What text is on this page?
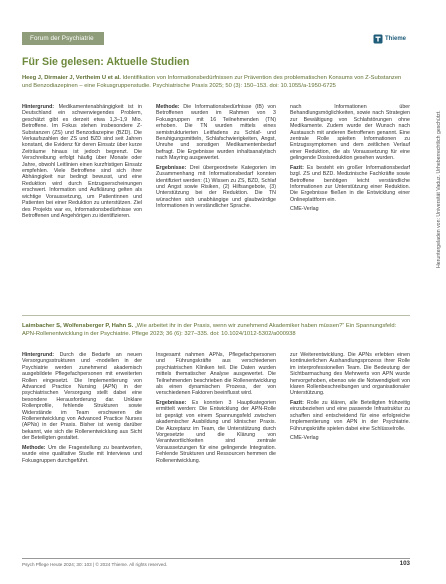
Forum der Psychiatrie	Thieme
Für Sie gelesen: Aktuelle Studien

Heeg J, Dirmaier J, Vertheim U et al. Identifikation von Informationsbedürfnissen zur Prävention des problematischen Konsums von Z-Substanzen und Benzodiazepinen – eine Fokusgruppenstudie. Psychiatrische Praxis 2025; 50 (3): 150–153. doi: 10.1055/a-1950-6725

Hintergrund: Medikamentenabhängigkeit ist in Deutschland ein schwerwiegendes Problem, geschätzt gibt es derzeit etwa 1,3–1,9 Mio. Betroffene. Im Fokus stehen insbesondere Z-Substanzen (ZS) und Benzodiazepine (BZD). Die Verkaufszahlen der ZS und BZD sind seit Jahren konstant, die Evidenz für deren Einsatz über kurze Zeiträume hinaus ist jedoch begrenzt. Die Verschreibung erfolgt häufig über Monate oder Jahre, obwohl Leitlinien einen kurzfristigen Einsatz empfehlen. Viele Betroffene sind sich ihrer Abhängigkeit nur bedingt bewusst, und eine Reduktion wird durch Entzugserscheinungen erschwert. Information und Aufklärung gelten als wichtige Voraussetzung, um Patientinnen und Patienten bei einer Reduktion zu unterstützen. Ziel des Projekts war es, Informationsbedürfnisse von Betroffenen und Angehörigen zu identifizieren.

Methode: Die Informationsbedürfnisse (IB) von Betroffenen wurden im Rahmen von 3 Fokusgruppen mit 16 Teilnehmenden (TN) erhoben. Die TN wurden mittels eines semistrukturierten Leitfadens zu Schlaf- und Beruhigungsmitteln, Schlafschwierigkeiten, Angst, Unruhe und sonstigen Medikamentenbedarf befragt. Die Ergebnisse wurden inhaltsanalytisch nach Mayring ausgewertet.

Ergebnisse: Drei übergeordnete Kategorien im Zusammenhang mit Informationsbedarf konnten identifiziert werden: (1) Wissen zu ZS, BZD, Schlaf und Angst sowie Risiken, (2) Hilfsangebote, (3) Unterstützung bei der Reduktion. Die TN wünschten sich unabhängige und glaubwürdige Informationen in verständlicher Sprache.

nach Informationen über Behandlungsmöglichkeiten, sowie nach Strategien zur Bewältigung von Schlafstörungen ohne Medikamente. Zudem wurde der Wunsch nach Austausch mit anderen Betroffenen genannt. Eine zentrale Rolle spielten Informationen zu Entzugssymptomen und dem zeitlichen Verlauf einer Reduktion, die als Voraussetzung für eine gelingende Dosisreduktion gesehen wurden.

Fazit: Es besteht ein großer Informationsbedarf bzgl. ZS und BZD. Medizinische Fachkräfte sowie Betroffene benötigen leicht verständliche Informationen zur Unterstützung einer Reduktion. Die Ergebnisse fließen in die Entwicklung einer Onlineplattform ein.

CME-Verlag

Laimbacher S, Wolfensberger P, Hahn S. „Wie arbeitet ihr in der Praxis, wenn wir zunehmend Akademiker haben müssen?“ Ein Spannungsfeld: APN-Rollenentwicklung in der Psychiatrie. Pflege 2023; 36 (6): 327–335. doi: 10.1024/1012-5302/a000938

Hintergrund: Durch die Bedarfe an neuen Versorgungsstrukturen und -modellen in der Psychiatrie werden zunehmend akademisch ausgebildete Pflegefachpersonen mit erweiterten Rollen eingesetzt. Die Implementierung von Advanced Practice Nursing (APN) in der psychiatrischen Versorgung stellt dabei eine besondere Herausforderung dar. Unklare Rollenprofile, fehlende Strukturen sowie Widerstände im Team erschweren die Rollenentwicklung von Advanced Practice Nurses (APNs) in der Praxis. Bisher ist wenig darüber bekannt, wie sich die Rollenentwicklung aus Sicht der Beteiligten gestaltet.

Methode: Um die Fragestellung zu beantworten, wurde eine qualitative Studie mit Interviews und Fokusgruppen durchgeführt.

Insgesamt nahmen APNs, Pflegefachpersonen und Führungskräfte aus verschiedenen psychiatrischen Kliniken teil. Die Daten wurden mittels thematischer Analyse ausgewertet. Die Teilnehmenden beschrieben die Rollenentwicklung als einen dynamischen Prozess, der von verschiedenen Faktoren beeinflusst wird.

Ergebnisse: Es konnten 3 Hauptkategorien ermittelt werden: Die Entwicklung der APN-Rolle ist geprägt von einem Spannungsfeld zwischen akademischer Ausbildung und klinischer Praxis. Die Akzeptanz im Team, die Unterstützung durch Vorgesetzte und die Klärung von Verantwortlichkeiten sind zentrale Voraussetzungen für eine gelingende Integration. Fehlende Strukturen und Ressourcen hemmen die Rollenentwicklung.

zur Weiterentwicklung. Die APNs erlebten einen kontinuierlichen Aushandlungsprozess ihrer Rolle im interprofessionellen Team. Die Bedeutung der Sichtbarmachung des Mehrwerts von APN wurde hervorgehoben, ebenso wie die Notwendigkeit von klaren Rollenbeschreibungen und organisationaler Unterstützung.

Fazit: Rolle zu klären, alle Beteiligten frühzeitig einzubeziehen und eine passende Infrastruktur zu schaffen sind entscheidend für eine erfolgreiche Implementierung von APN in der Psychiatrie. Führungskräfte spielen dabei eine Schlüsselrolle.

CME-Verlag

Heruntergeladen von: Universität Vaduz. Urheberrechtlich geschützt.
Psych Pflege Heute 2024; 30: 103 | © 2024 Thieme. All rights reserved.	103
